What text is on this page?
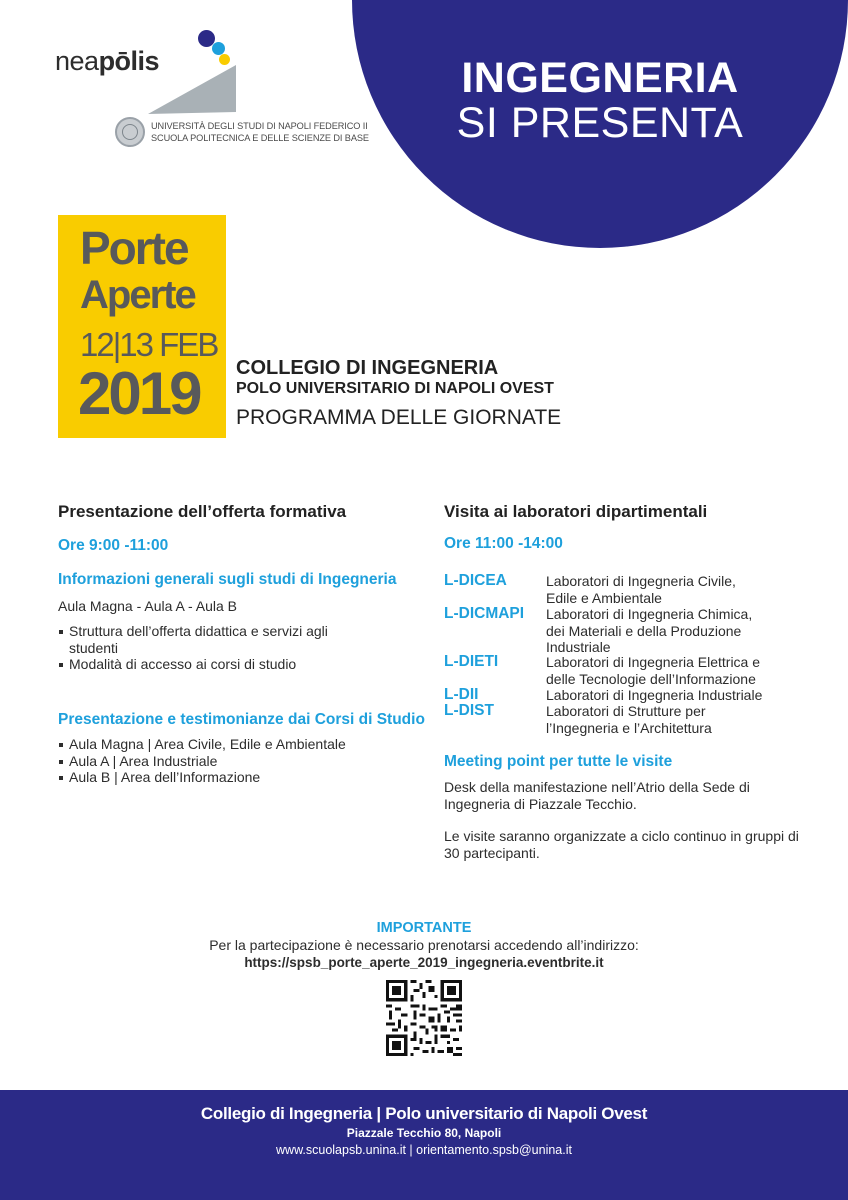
neapōlis
UNIVERSITÀ DEGLI STUDI DI NAPOLI FEDERICO II
SCUOLA POLITECNICA E DELLE SCIENZE DI BASE
INGEGNERIA
SI PRESENTA
Porte
Aperte
12|13 FEB
2019 COLLEGIO DI INGEGNERIA
POLO UNIVERSITARIO DI NAPOLI OVEST
PROGRAMMA DELLE GIORNATE
Presentazione dell’offerta formativa
Ore 9:00 -11:00
Informazioni generali sugli studi di Ingegneria
Aula Magna - Aula A - Aula B
Struttura dell’offerta didattica e servizi agli studenti
Modalità di accesso ai corsi di studio
Presentazione e testimonianze dai Corsi di Studio
Aula Magna | Area Civile, Edile e Ambientale
Aula A | Area Industriale
Aula B | Area dell’Informazione
Visita ai laboratori dipartimentali
Ore 11:00 -14:00
L-DICEA	Laboratori di Ingegneria Civile, Edile e Ambientale
L-DICMAPI Laboratori di Ingegneria Chimica, dei Materiali e della Produzione Industriale
L-DIETI	Laboratori di Ingegneria Elettrica e delle Tecnologie dell’Informazione
L-DII	Laboratori di Ingegneria Industriale
L-DIST	Laboratori di Strutture per l’Ingegneria e l’Architettura
Meeting point per tutte le visite
Desk della manifestazione nell’Atrio della Sede di Ingegneria di Piazzale Tecchio.
Le visite saranno organizzate a ciclo continuo in gruppi di 30 partecipanti.
IMPORTANTE
Per la partecipazione è necessario prenotarsi accedendo all’indirizzo:
https://spsb_porte_aperte_2019_ingegneria.eventbrite.it
Collegio di Ingegneria | Polo universitario di Napoli Ovest
Piazzale Tecchio 80, Napoli
www.scuolapsb.unina.it | orientamento.spsb@unina.it
